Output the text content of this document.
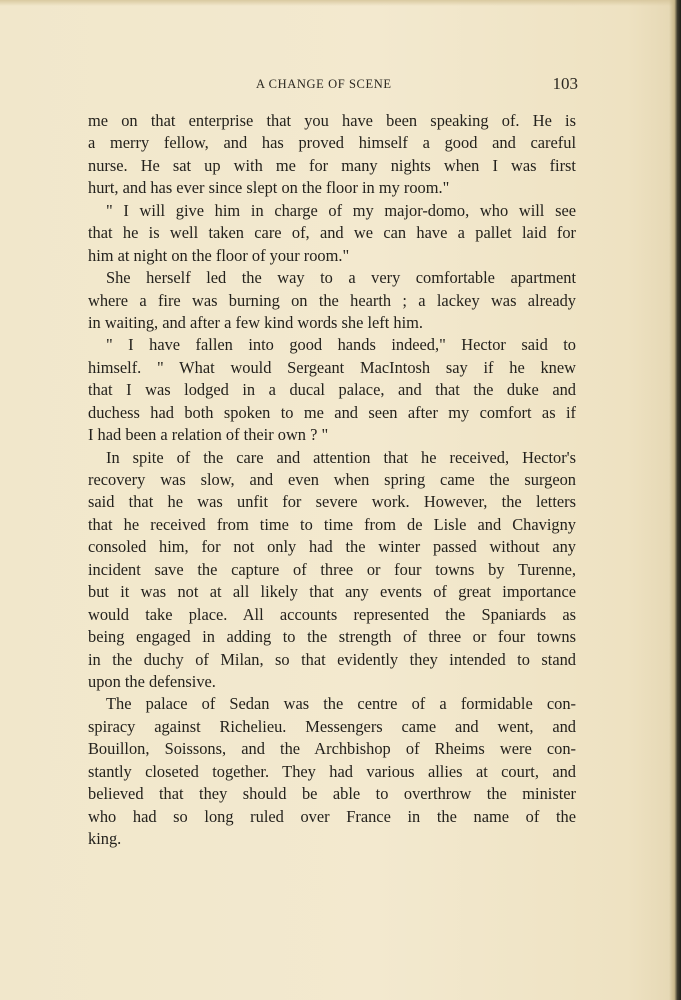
A CHANGE OF SCENE	103
me on that enterprise that you have been speaking of. He is
a merry fellow, and has proved himself a good and careful
nurse. He sat up with me for many nights when I was first
hurt, and has ever since slept on the floor in my room."
" I will give him in charge of my major-domo, who will see
that he is well taken care of, and we can have a pallet laid for
him at night on the floor of your room."
She herself led the way to a very comfortable apartment
where a fire was burning on the hearth ; a lackey was already
in waiting, and after a few kind words she left him.
" I have fallen into good hands indeed," Hector said to
himself. " What would Sergeant MacIntosh say if he knew
that I was lodged in a ducal palace, and that the duke and
duchess had both spoken to me and seen after my comfort as if
I had been a relation of their own ? "
In spite of the care and attention that he received, Hector's
recovery was slow, and even when spring came the surgeon
said that he was unfit for severe work. However, the letters
that he received from time to time from de Lisle and Chavigny
consoled him, for not only had the winter passed without any
incident save the capture of three or four towns by Turenne,
but it was not at all likely that any events of great importance
would take place. All accounts represented the Spaniards as
being engaged in adding to the strength of three or four towns
in the duchy of Milan, so that evidently they intended to stand
upon the defensive.
The palace of Sedan was the centre of a formidable con-
spiracy against Richelieu. Messengers came and went, and
Bouillon, Soissons, and the Archbishop of Rheims were con-
stantly closeted together. They had various allies at court, and
believed that they should be able to overthrow the minister
who had so long ruled over France in the name of the
king.
